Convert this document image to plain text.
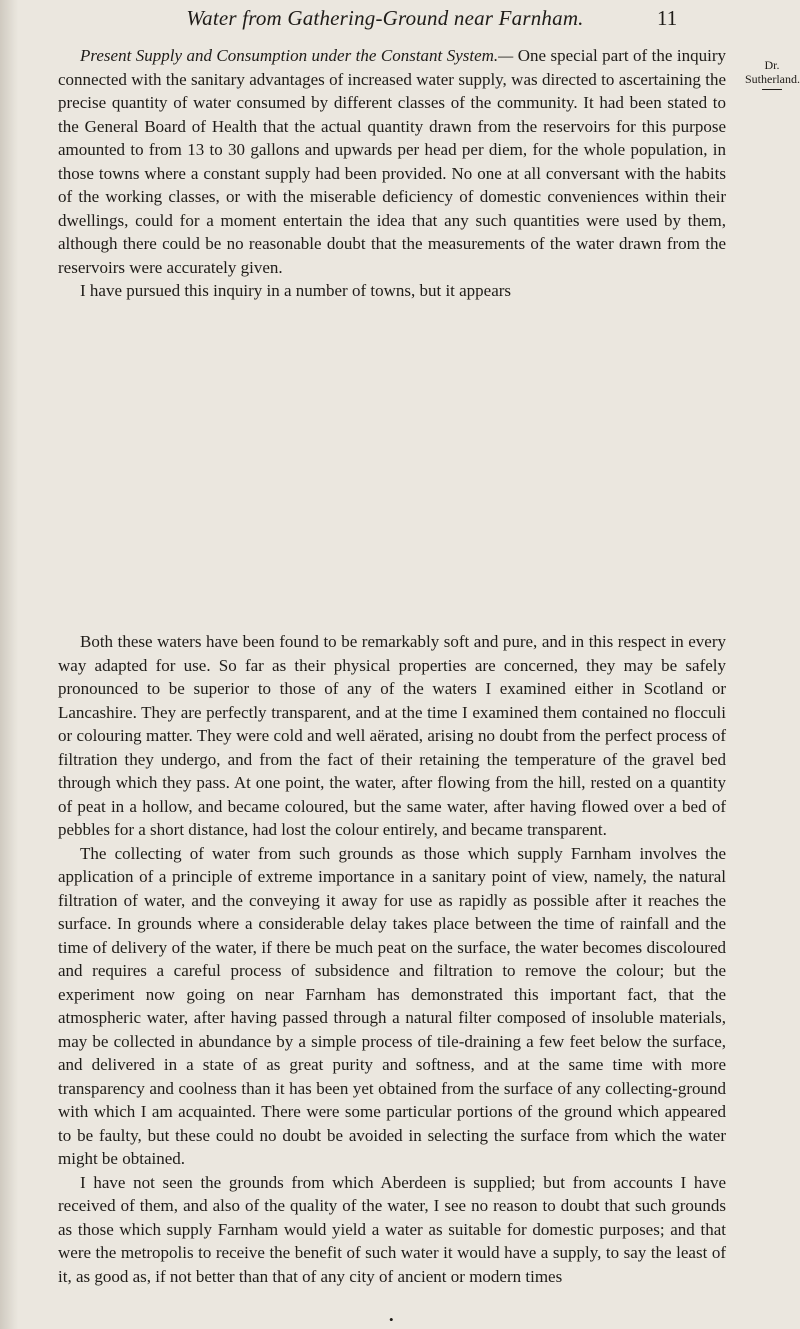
Water from Gathering-Ground near Farnham.	11
Dr.
Sutherland.

Present Supply and Consumption under the Constant System.— One special part of the inquiry connected with the sanitary advantages of increased water supply, was directed to ascertaining the precise quantity of water consumed by different classes of the community. It had been stated to the General Board of Health that the actual quantity drawn from the reservoirs for this purpose amounted to from 13 to 30 gallons and upwards per head per diem, for the whole population, in those towns where a constant supply had been provided. No one at all conversant with the habits of the working classes, or with the miserable deficiency of domestic conveniences within their dwellings, could for a moment entertain the idea that any such quantities were used by them, although there could be no reasonable doubt that the measurements of the water drawn from the reservoirs were accurately given.

I have pursued this inquiry in a number of towns, but it appears

Both these waters have been found to be remarkably soft and pure, and in this respect in every way adapted for use. So far as their physical properties are concerned, they may be safely pronounced to be superior to those of any of the waters I examined either in Scotland or Lancashire. They are perfectly transparent, and at the time I examined them contained no flocculi or colouring matter. They were cold and well aërated, arising no doubt from the perfect process of filtration they undergo, and from the fact of their retaining the temperature of the gravel bed through which they pass. At one point, the water, after flowing from the hill, rested on a quantity of peat in a hollow, and became coloured, but the same water, after having flowed over a bed of pebbles for a short distance, had lost the colour entirely, and became transparent.

The collecting of water from such grounds as those which supply Farnham involves the application of a principle of extreme importance in a sanitary point of view, namely, the natural filtration of water, and the conveying it away for use as rapidly as possible after it reaches the surface. In grounds where a considerable delay takes place between the time of rainfall and the time of delivery of the water, if there be much peat on the surface, the water becomes discoloured and requires a careful process of subsidence and filtration to remove the colour; but the experiment now going on near Farnham has demonstrated this important fact, that the atmospheric water, after having passed through a natural filter composed of insoluble materials, may be collected in abundance by a simple process of tile-draining a few feet below the surface, and delivered in a state of as great purity and softness, and at the same time with more transparency and coolness than it has been yet obtained from the surface of any collecting-ground with which I am acquainted. There were some particular portions of the ground which appeared to be faulty, but these could no doubt be avoided in selecting the surface from which the water might be obtained.

I have not seen the grounds from which Aberdeen is supplied; but from accounts I have received of them, and also of the quality of the water, I see no reason to doubt that such grounds as those which supply Farnham would yield a water as suitable for domestic purposes; and that were the metropolis to receive the benefit of such water it would have a supply, to say the least of it, as good as, if not better than that of any city of ancient or modern times

•
